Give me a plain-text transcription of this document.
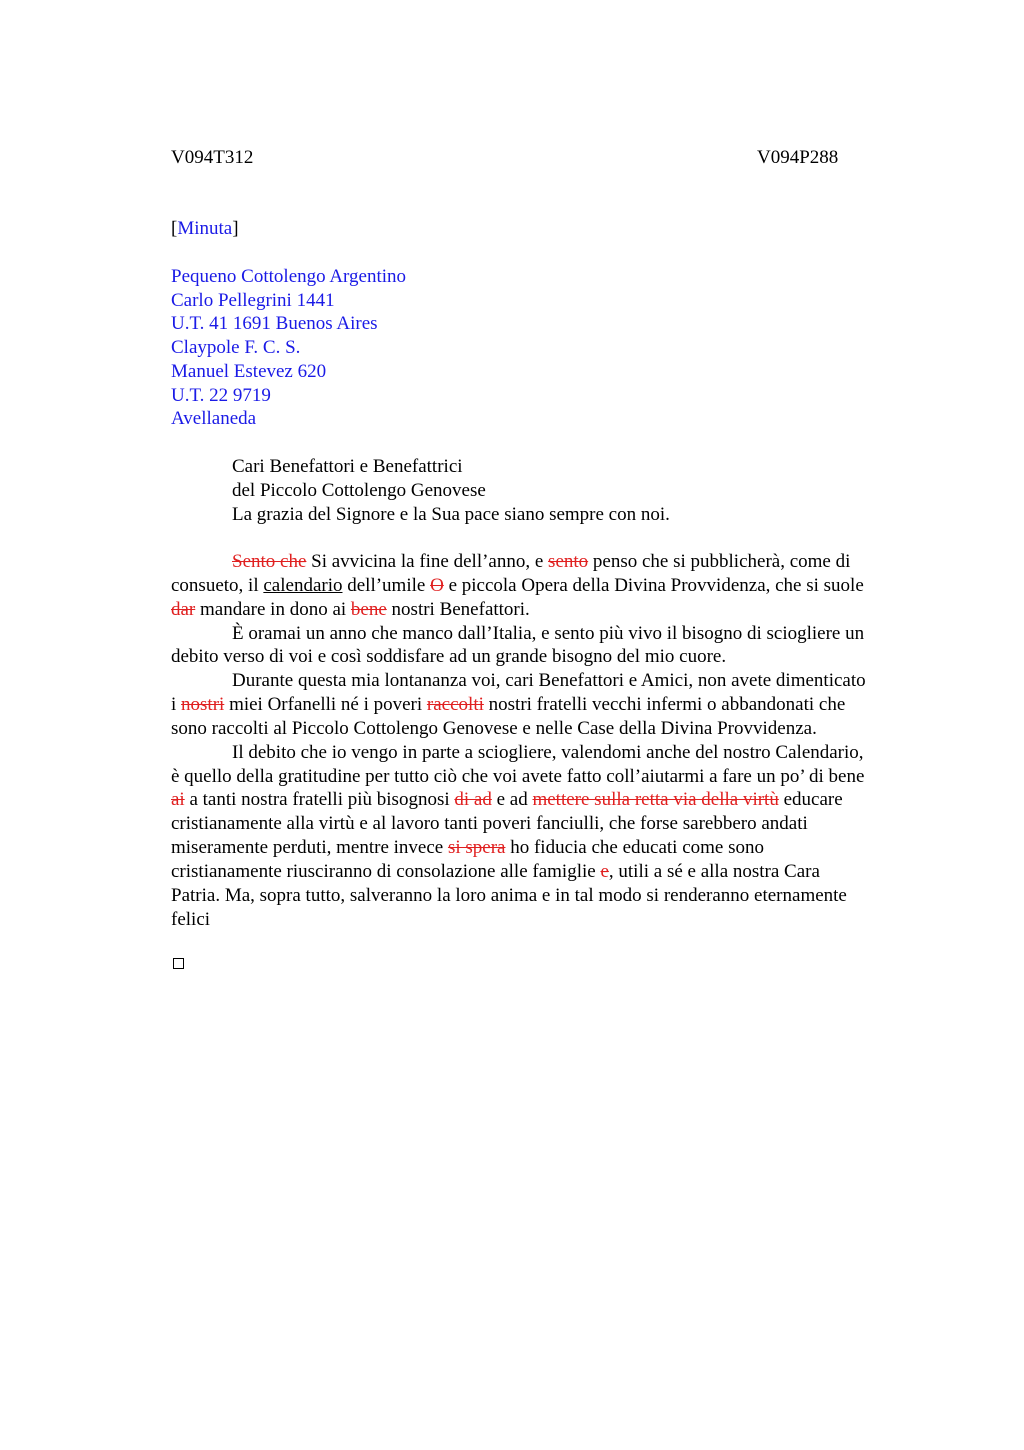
V094T312	V094P288
[Minuta]
Pequeno Cottolengo Argentino
Carlo Pellegrini 1441
U.T. 41 1691 Buenos Aires
Claypole F. C. S.
Manuel Estevez 620
U.T. 22 9719
Avellaneda
Cari Benefattori e Benefattrici
del Piccolo Cottolengo Genovese
La grazia del Signore e la Sua pace siano sempre con noi.
Sento che Si avvicina la fine dell’anno, e sento penso che si pubblicherà, come di
consueto, il calendario dell’umile O e piccola Opera della Divina Provvidenza, che si suole
dar mandare in dono ai bene nostri Benefattori.
È oramai un anno che manco dall’Italia, e sento più vivo il bisogno di sciogliere un
debito verso di voi e così soddisfare ad un grande bisogno del mio cuore.
Durante questa mia lontananza voi, cari Benefattori e Amici, non avete dimenticato
i nostri miei Orfanelli né i poveri raccolti nostri fratelli vecchi infermi o abbandonati che
sono raccolti al Piccolo Cottolengo Genovese e nelle Case della Divina Provvidenza.
Il debito che io vengo in parte a sciogliere, valendomi anche del nostro Calendario,
è quello della gratitudine per tutto ciò che voi avete fatto coll’aiutarmi a fare un po’ di bene
ai a tanti nostra fratelli più bisognosi di ad e ad mettere sulla retta via della virtù educare
cristianamente alla virtù e al lavoro tanti poveri fanciulli, che forse sarebbero andati
miseramente perduti, mentre invece si spera ho fiducia che educati come sono
cristianamente riusciranno di consolazione alle famiglie e, utili a sé e alla nostra Cara
Patria. Ma, sopra tutto, salveranno la loro anima e in tal modo si renderanno eternamente
felici
